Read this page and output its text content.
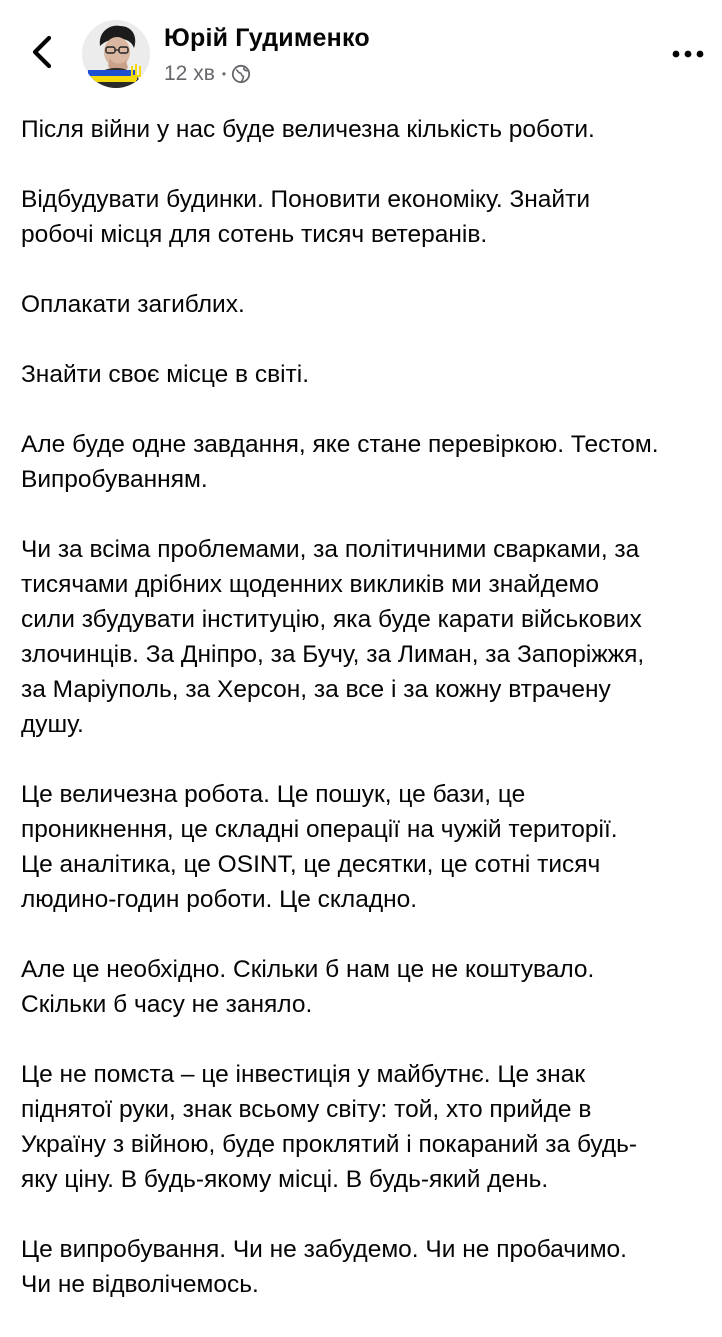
Юрій Гудименко
12 хв •

Після війни у нас буде величезна кількість роботи.

Відбудувати будинки. Поновити економіку. Знайти
робочі місця для сотень тисяч ветеранів.

Оплакати загиблих.

Знайти своє місце в світі.

Але буде одне завдання, яке стане перевіркою. Тестом.
Випробуванням.

Чи за всіма проблемами, за політичними сварками, за
тисячами дрібних щоденних викликів ми знайдемо
сили збудувати інституцію, яка буде карати військових
злочинців. За Дніпро, за Бучу, за Лиман, за Запоріжжя,
за Маріуполь, за Херсон, за все і за кожну втрачену
душу.

Це величезна робота. Це пошук, це бази, це
проникнення, це складні операції на чужій території.
Це аналітика, це OSINT, це десятки, це сотні тисяч
людино-годин роботи. Це складно.

Але це необхідно. Скільки б нам це не коштувало.
Скільки б часу не заняло.

Це не помста – це інвестиція у майбутнє. Це знак
піднятої руки, знак всьому світу: той, хто прийде в
Україну з війною, буде проклятий і покараний за будь-
яку ціну. В будь-якому місці. В будь-який день.

Це випробування. Чи не забудемо. Чи не пробачимо.
Чи не відволічемось.
